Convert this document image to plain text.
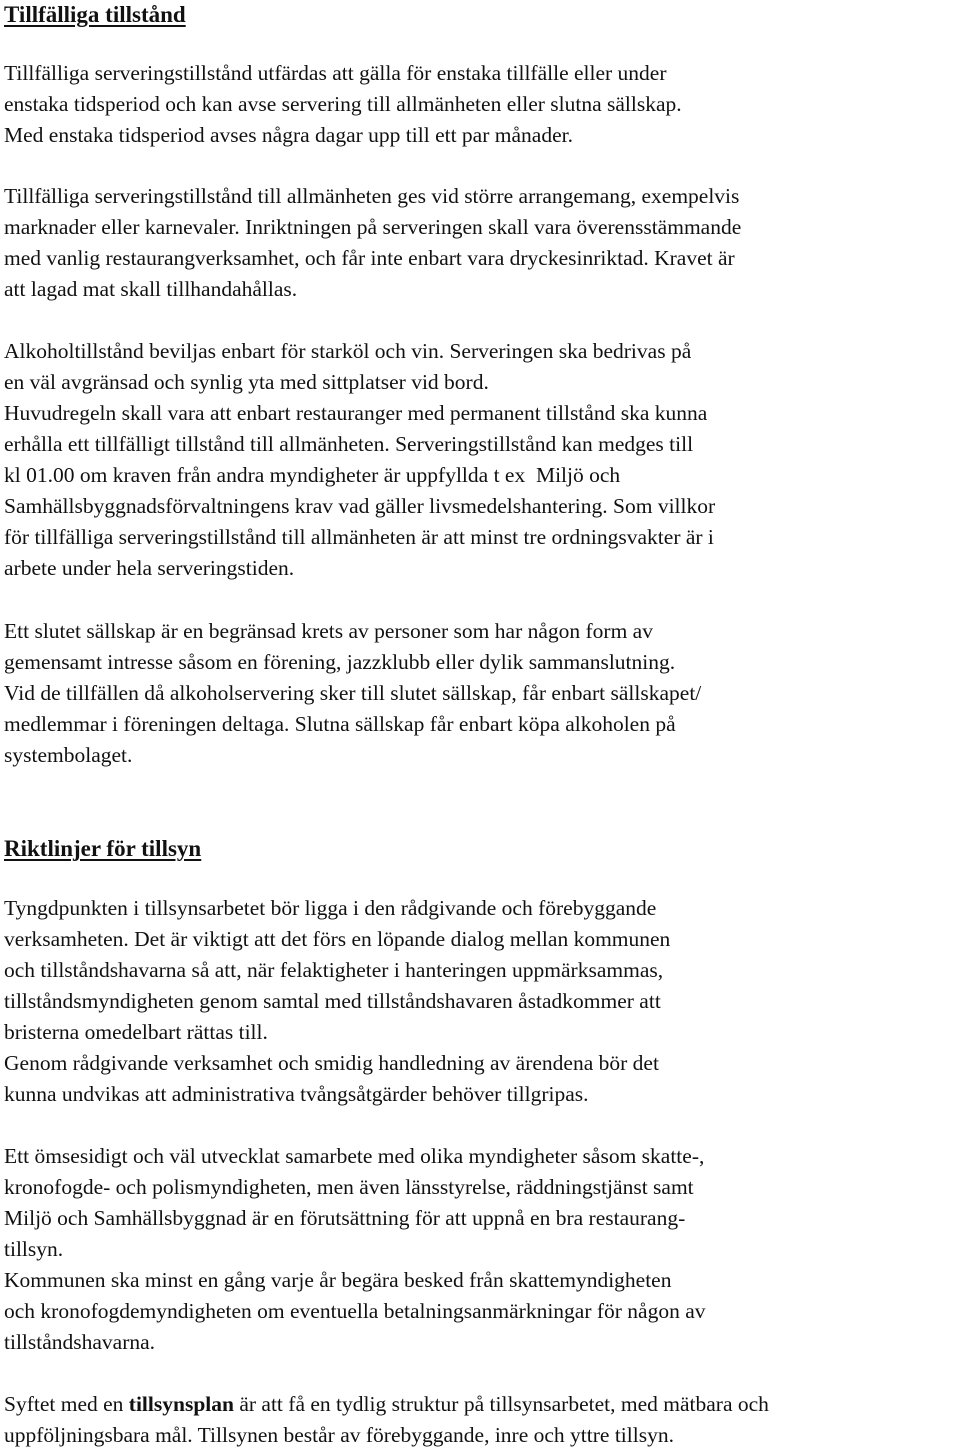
Tillfälliga tillstånd
Tillfälliga serveringstillstånd utfärdas att gälla för enstaka tillfälle eller under
enstaka tidsperiod och kan avse servering till allmänheten eller slutna sällskap.
Med enstaka tidsperiod avses några dagar upp till ett par månader.
Tillfälliga serveringstillstånd till allmänheten ges vid större arrangemang, exempelvis
marknader eller karnevaler. Inriktningen på serveringen skall vara överensstämmande
med vanlig restaurangverksamhet, och får inte enbart vara dryckesinriktad. Kravet är
att lagad mat skall tillhandahållas.
Alkoholtillstånd beviljas enbart för starköl och vin. Serveringen ska bedrivas på
en väl avgränsad och synlig yta med sittplatser vid bord.
Huvudregeln skall vara att enbart restauranger med permanent tillstånd ska kunna
erhålla ett tillfälligt tillstånd till allmänheten. Serveringstillstånd kan medges till
kl 01.00 om kraven från andra myndigheter är uppfyllda t ex  Miljö och
Samhällsbyggnadsförvaltningens krav vad gäller livsmedelshantering. Som villkor
för tillfälliga serveringstillstånd till allmänheten är att minst tre ordningsvakter är i
arbete under hela serveringstiden.
Ett slutet sällskap är en begränsad krets av personer som har någon form av
gemensamt intresse såsom en förening, jazzklubb eller dylik sammanslutning.
Vid de tillfällen då alkoholservering sker till slutet sällskap, får enbart sällskapet/
medlemmar i föreningen deltaga. Slutna sällskap får enbart köpa alkoholen på
systembolaget.
Riktlinjer för tillsyn
Tyngdpunkten i tillsynsarbetet bör ligga i den rådgivande och förebyggande
verksamheten. Det är viktigt att det förs en löpande dialog mellan kommunen
och tillståndshavarna så att, när felaktigheter i hanteringen uppmärksammas,
tillståndsmyndigheten genom samtal med tillståndshavaren åstadkommer att
bristerna omedelbart rättas till.
Genom rådgivande verksamhet och smidig handledning av ärendena bör det
kunna undvikas att administrativa tvångsåtgärder behöver tillgripas.
Ett ömsesidigt och väl utvecklat samarbete med olika myndigheter såsom skatte-,
kronofogde- och polismyndigheten, men även länsstyrelse, räddningstjänst samt
Miljö och Samhällsbyggnad är en förutsättning för att uppnå en bra restaurang-
tillsyn.
Kommunen ska minst en gång varje år begära besked från skattemyndigheten
och kronofogdemyndigheten om eventuella betalningsanmärkningar för någon av
tillståndshavarna.
Syftet med en tillsynsplan är att få en tydlig struktur på tillsynsarbetet, med mätbara och
uppföljningsbara mål. Tillsynen består av förebyggande, inre och yttre tillsyn.
